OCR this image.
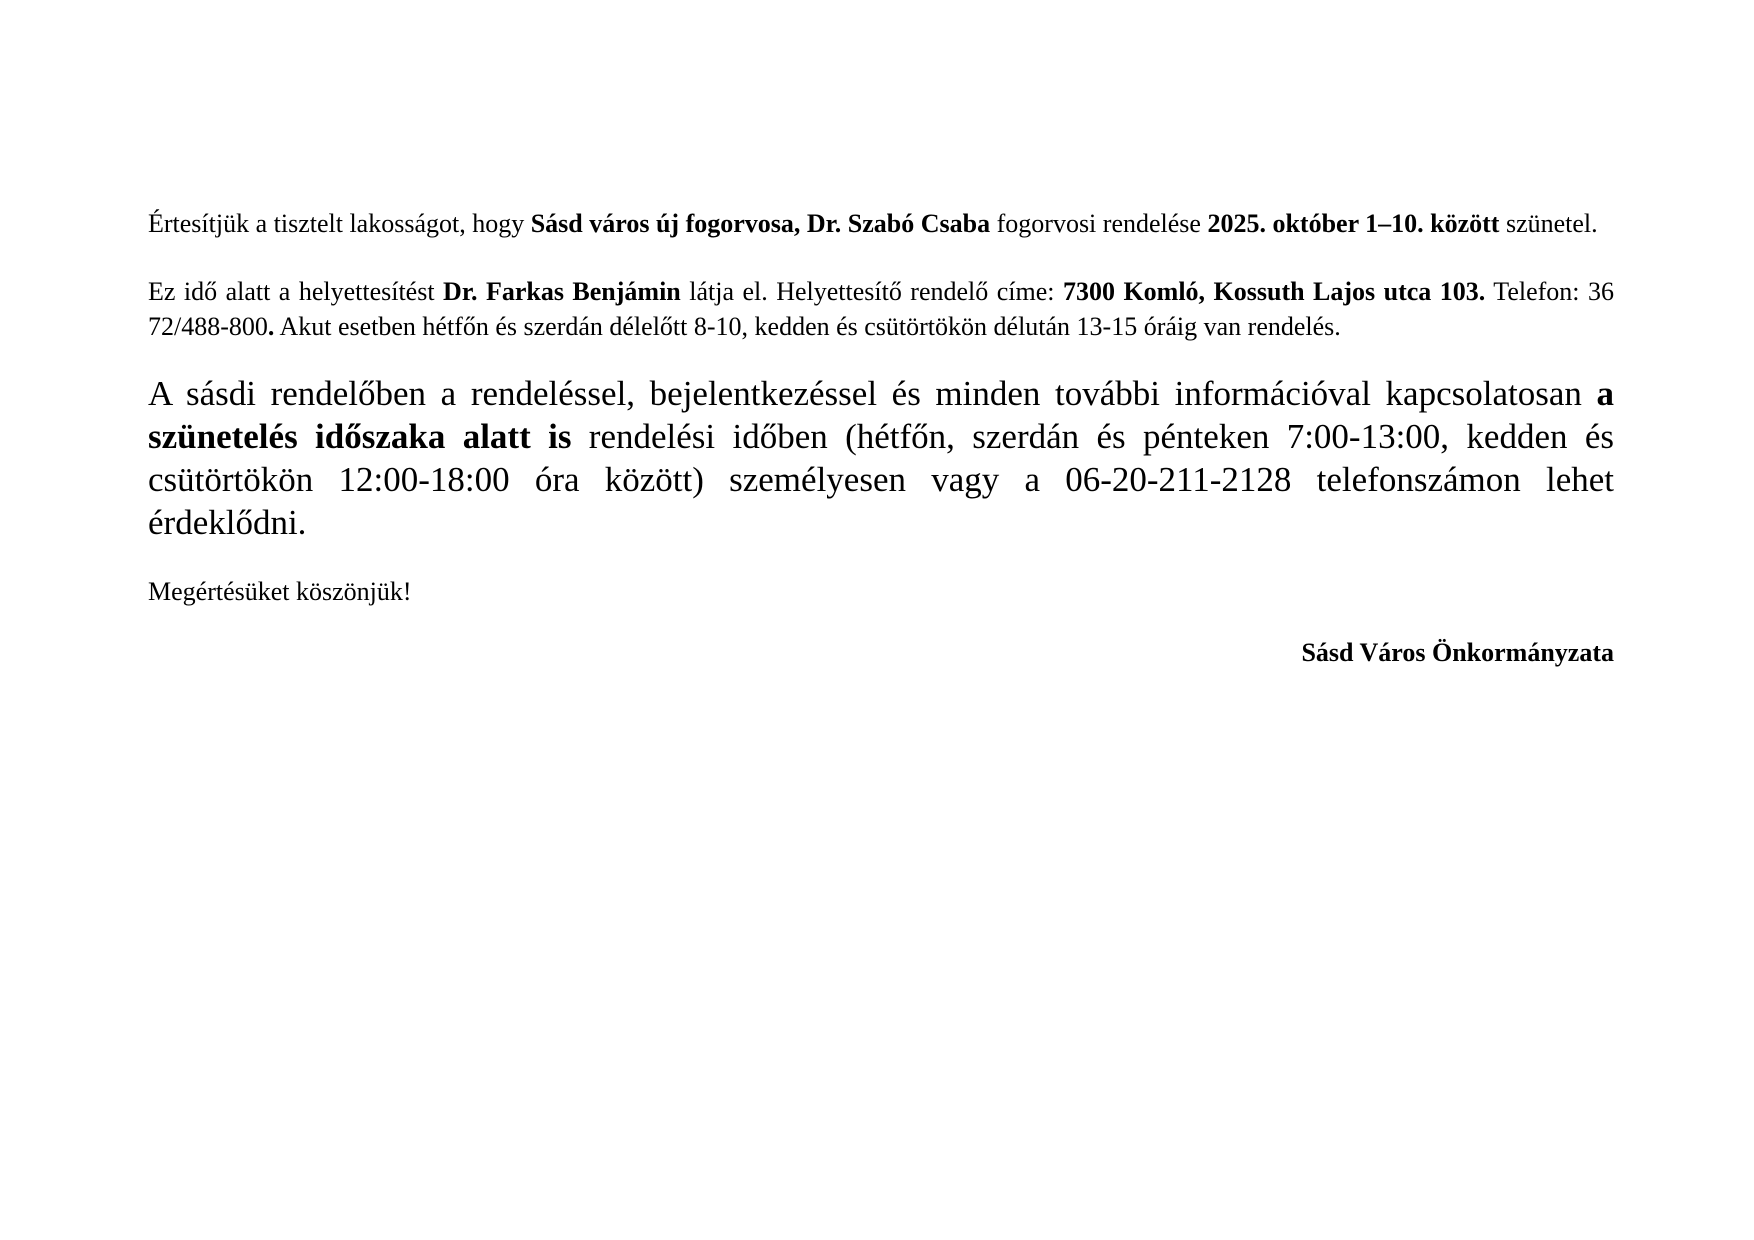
Értesítjük a tisztelt lakosságot, hogy Sásd város új fogorvosa, Dr. Szabó Csaba fogorvosi rendelése 2025. október 1–10. között szünetel.

Ez idő alatt a helyettesítést Dr. Farkas Benjámin látja el. Helyettesítő rendelő címe: 7300 Komló, Kossuth Lajos utca 103. Telefon: 36 72/488-800. Akut esetben hétfőn és szerdán délelőtt 8-10, kedden és csütörtökön délután 13-15 óráig van rendelés.

A sásdi rendelőben a rendeléssel, bejelentkezéssel és minden további információval kapcsolatosan a szünetelés időszaka alatt is rendelési időben (hétfőn, szerdán és pénteken 7:00-13:00, kedden és csütörtökön 12:00-18:00 óra között) személyesen vagy a 06-20-211-2128 telefonszámon lehet érdeklődni.

Megértésüket köszönjük!

Sásd Város Önkormányzata
